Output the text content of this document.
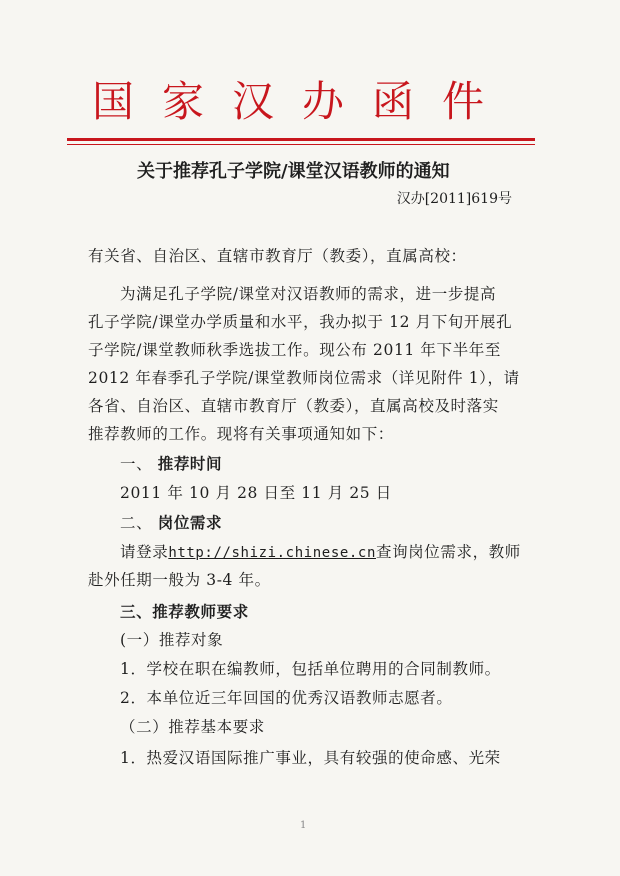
国家汉办函件
关于推荐孔子学院/课堂汉语教师的通知
汉办[2011]619号
有关省、自治区、直辖市教育厅（教委），直属高校：
为满足孔子学院/课堂对汉语教师的需求，进一步提高
孔子学院/课堂办学质量和水平，我办拟于 12 月下旬开展孔
子学院/课堂教师秋季选拔工作。现公布 2011 年下半年至
2012 年春季孔子学院/课堂教师岗位需求（详见附件 1），请
各省、自治区、直辖市教育厅（教委），直属高校及时落实
推荐教师的工作。现将有关事项通知如下：
一、 推荐时间
2011 年 10 月 28 日至 11 月 25 日
二、 岗位需求
请登录http://shizi.chinese.cn查询岗位需求，教师
赴外任期一般为 3-4 年。
三、推荐教师要求
(一）推荐对象
1．学校在职在编教师，包括单位聘用的合同制教师。
2．本单位近三年回国的优秀汉语教师志愿者。
（二）推荐基本要求
1．热爱汉语国际推广事业，具有较强的使命感、光荣
1
